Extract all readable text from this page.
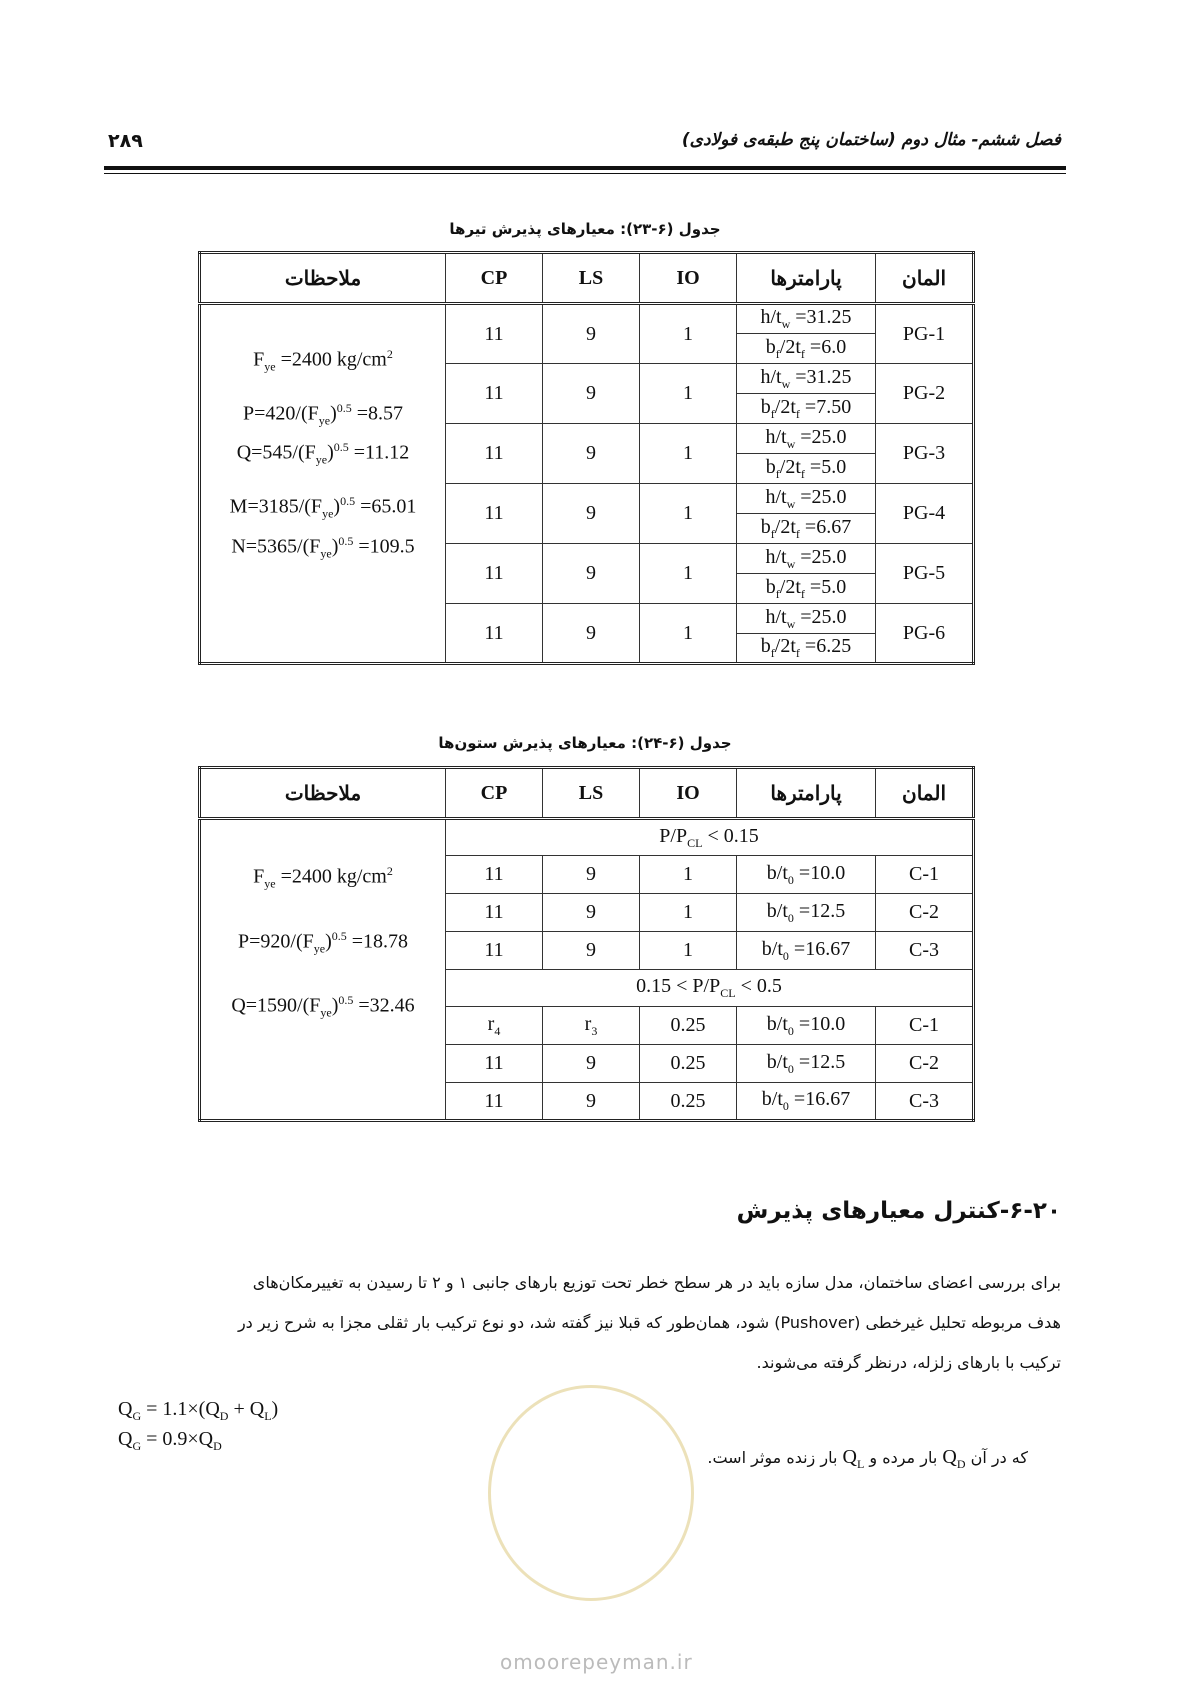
فصل ششم- مثال دوم (ساختمان پنج طبقه‌ی فولادی)
۲۸۹
جدول (۶-۲۳): معیارهای پذیرش تیرها
ملاحظات	CP	LS	IO	پارامترها	المان
$F_{ye} =2400$ $kg/cm^2$

$P=420/(F_{ye})^{0.5} =8.57$
$Q=545/(F_{ye})^{0.5} =11.12$

$M=3185/(F_{ye})^{0.5} =65.01$
$N=5365/(F_{ye})^{0.5} =109.5$	11	9	1	$h/t_w =31.25$	PG-1
				$b_f/2t_f =6.0$	
	11	9	1	$h/t_w =31.25$	PG-2
				$b_f/2t_f =7.50$	
	11	9	1	$h/t_w =25.0$	PG-3
				$b_f/2t_f =5.0$	
	11	9	1	$h/t_w =25.0$	PG-4
				$b_f/2t_f =6.67$	
	11	9	1	$h/t_w =25.0$	PG-5
				$b_f/2t_f =5.0$	
	11	9	1	$h/t_w =25.0$	PG-6
				$b_f/2t_f =6.25$	
جدول (۶-۲۴): معیارهای پذیرش ستون‌ها
ملاحظات	CP	LS	IO	پارامترها	المان
$F_{ye} =2400$ $kg/cm^2$

$P=920/(F_{ye})^{0.5} =18.78$

$Q=1590/(F_{ye})^{0.5} =32.46$	$P/P_{CL} < 0.15$				
	11	9	1	$b/t_0 =10.0$	C-1
	11	9	1	$b/t_0 =12.5$	C-2
	11	9	1	$b/t_0 =16.67$	C-3
	$0.15 < P/P_{CL} < 0.5$				
	$r_4$	$r_3$	0.25	$b/t_0 =10.0$	C-1
	11	9	0.25	$b/t_0 =12.5$	C-2
	11	9	0.25	$b/t_0 =16.67$	C-3
۶-۲۰-کنترل معیارهای پذیرش
برای بررسی اعضای ساختمان، مدل سازه باید در هر سطح خطر تحت توزیع بارهای جانبی ۱ و ۲ تا رسیدن به تغییرمکان‌های
هدف مربوطه تحلیل غیرخطی (Pushover) شود، همان‌طور که قبلا نیز گفته شد، دو نوع ترکیب بار ثقلی مجزا به شرح زیر در
ترکیب با بارهای زلزله، درنظر گرفته می‌شوند.
$Q_G = 1.1\times(Q_D + Q_L)$
$Q_G = 0.9\times Q_D$
که در آن $Q_D$ بار مرده و $Q_L$ بار زنده موثر است.
omoorepeyman.ir
